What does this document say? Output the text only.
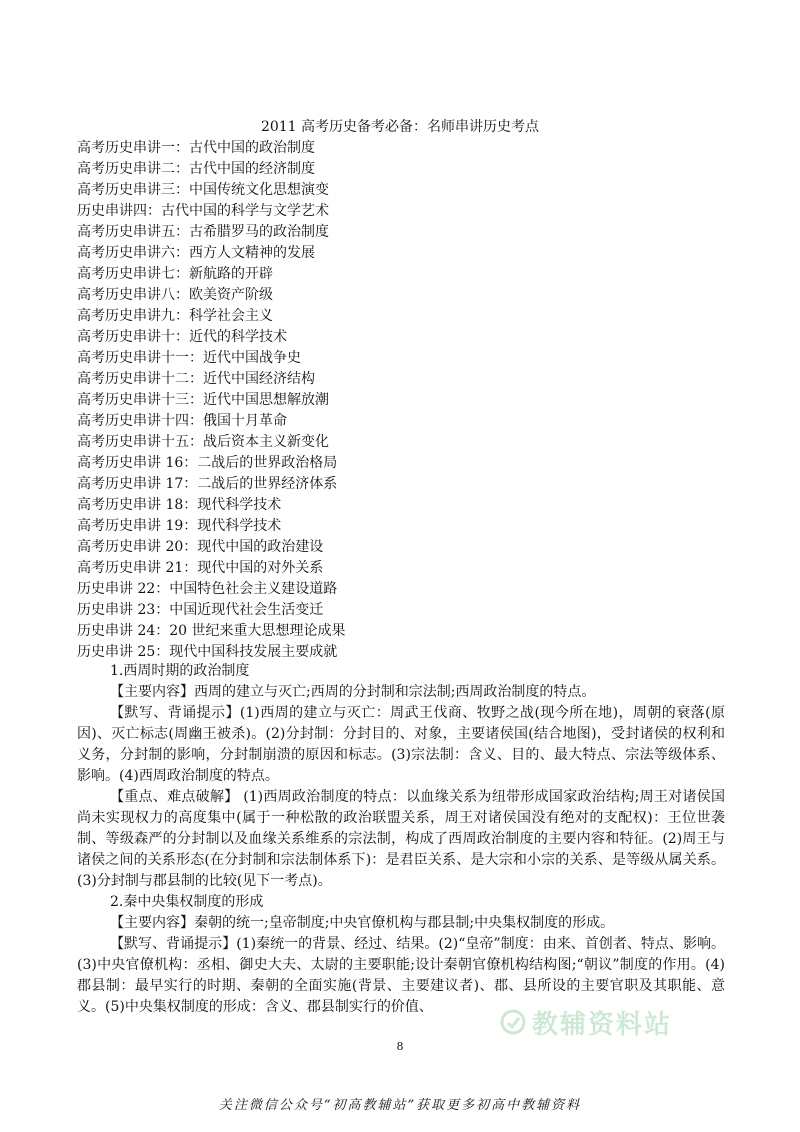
2011 高考历史备考必备：名师串讲历史考点
高考历史串讲一：古代中国的政治制度
高考历史串讲二：古代中国的经济制度
高考历史串讲三：中国传统文化思想演变
历史串讲四：古代中国的科学与文学艺术
高考历史串讲五：古希腊罗马的政治制度
高考历史串讲六：西方人文精神的发展
高考历史串讲七：新航路的开辟
高考历史串讲八：欧美资产阶级
高考历史串讲九：科学社会主义
高考历史串讲十：近代的科学技术
高考历史串讲十一：近代中国战争史
高考历史串讲十二：近代中国经济结构
高考历史串讲十三：近代中国思想解放潮
高考历史串讲十四：俄国十月革命
高考历史串讲十五：战后资本主义新变化
高考历史串讲 16：二战后的世界政治格局
高考历史串讲 17：二战后的世界经济体系
高考历史串讲 18：现代科学技术
高考历史串讲 19：现代科学技术
高考历史串讲 20：现代中国的政治建设
高考历史串讲 21：现代中国的对外关系
历史串讲 22：中国特色社会主义建设道路
历史串讲 23：中国近现代社会生活变迁
历史串讲 24：20 世纪来重大思想理论成果
历史串讲 25：现代中国科技发展主要成就
1.西周时期的政治制度

【主要内容】西周的建立与灭亡;西周的分封制和宗法制;西周政治制度的特点。

【默写、背诵提示】(1)西周的建立与灭亡：周武王伐商、牧野之战(现今所在地)，周朝的衰落(原因)、灭亡标志(周幽王被杀)。(2)分封制：分封目的、对象，主要诸侯国(结合地图)，受封诸侯的权利和义务，分封制的影响，分封制崩溃的原因和标志。(3)宗法制：含义、目的、最大特点、宗法等级体系、影响。(4)西周政治制度的特点。

【重点、难点破解】 (1)西周政治制度的特点：以血缘关系为纽带形成国家政治结构;周王对诸侯国尚未实现权力的高度集中(属于一种松散的政治联盟关系，周王对诸侯国没有绝对的支配权)：王位世袭制、等级森严的分封制以及血缘关系维系的宗法制，构成了西周政治制度的主要内容和特征。(2)周王与诸侯之间的关系形态(在分封制和宗法制体系下)：是君臣关系、是大宗和小宗的关系、是等级从属关系。(3)分封制与郡县制的比较(见下一考点)。

2.秦中央集权制度的形成

【主要内容】秦朝的统一;皇帝制度;中央官僚机构与郡县制;中央集权制度的形成。

【默写、背诵提示】(1)秦统一的背景、经过、结果。(2)“皇帝”制度：由来、首创者、特点、影响。(3)中央官僚机构：丞相、御史大夫、太尉的主要职能;设计秦朝官僚机构结构图;“朝议”制度的作用。(4)郡县制：最早实行的时期、秦朝的全面实施(背景、主要建议者)、郡、县所设的主要官职及其职能、意义。(5)中央集权制度的形成：含义、郡县制实行的价值、

教辅资料站
8
关注微信公众号“初高教辅站”获取更多初高中教辅资料
